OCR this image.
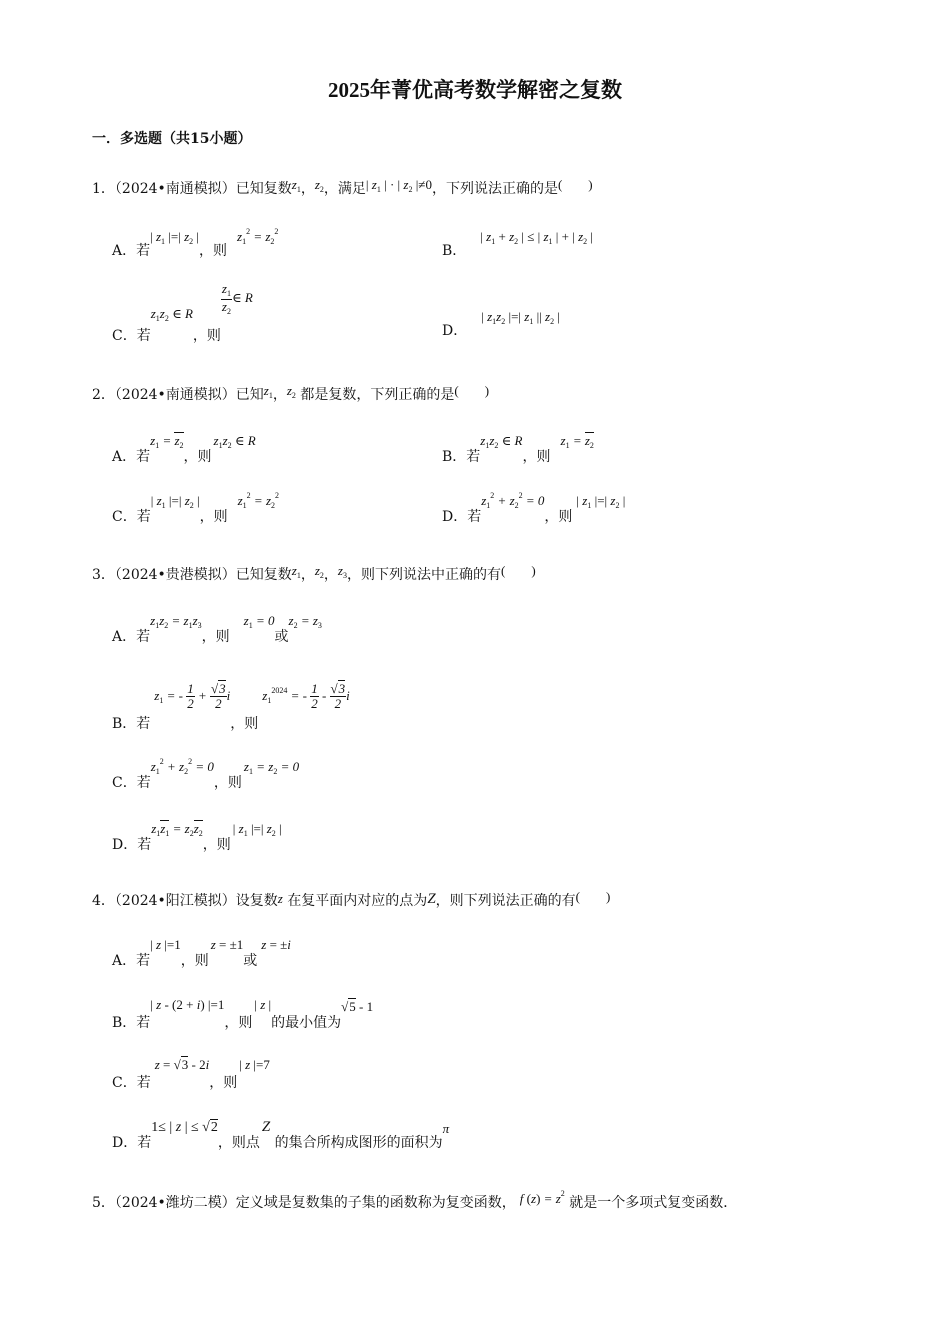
2025年菁优高考数学解密之复数
一．多选题（共15小题）
1．（2024•南通模拟）已知复数$z_1$，$z_2$，满足| $z_1$ | · | $z_2$ |≠0，下列说法正确的是(　　)
A．若| $z_1$ |=| $z_2$ |，则$z_1^2 = z_2^2$
B．| $z_1 + z_2$ | ≤ | $z_1$ | + | $z_2$ |
C．若$z_1z_2$ ∈ R，则
$\frac{z_1}{z_2}$ ∈ R
D．| $z_1z_2$ |=| $z_1$ || $z_2$ |
2．（2024•南通模拟）已知$z_1$，$z_2$ 都是复数，下列正确的是(　　)
A．若$z_1 = z_2$，则$z_1z_2$ ∈ R
B．若$z_1z_2$ ∈ R，则$z_1 = z_2$
C．若| $z_1$ |=| $z_2$ |，则$z_1^2 = z_2^2$
D．若$z_1^2 + z_2^2 = 0$，则| $z_1$ |=| $z_2$ |
3．（2024•贵港模拟）已知复数$z_1$，$z_2$，$z_3$，则下列说法中正确的有(　　)
A．若$z_1z_2 = z_1z_3$，则$z_1 = 0$或$z_2 = z_3$
B．若$z_1$ = - $\frac{1}{2} + \frac{√3}{2}$ i，则$z_1^{2024}$ = - $\frac{1}{2} - \frac{√3}{2}$ i
C．若$z_1^2 + z_2^2 = 0$，则$z_1 = z_2 = 0$
D．若$z_1z_1 = z_2z_2$，则| $z_1$ |=| $z_2$ |
4．（2024•阳江模拟）设复数z 在复平面内对应的点为Z，则下列说法正确的有(　　)
A．若| z |=1，则z = ±1或z = ±i
B．若| z - (2 + i) |=1，则| z |的最小值为√5 - 1
C．若z = √3 - 2i，则| z |=7
D．若1≤ | z | ≤ √2，则点Z 的集合所构成图形的面积为π
5．（2024•潍坊二模）定义域是复数集的子集的函数称为复变函数， f $(z) = z^2$ 就是一个多项式复变函数．
